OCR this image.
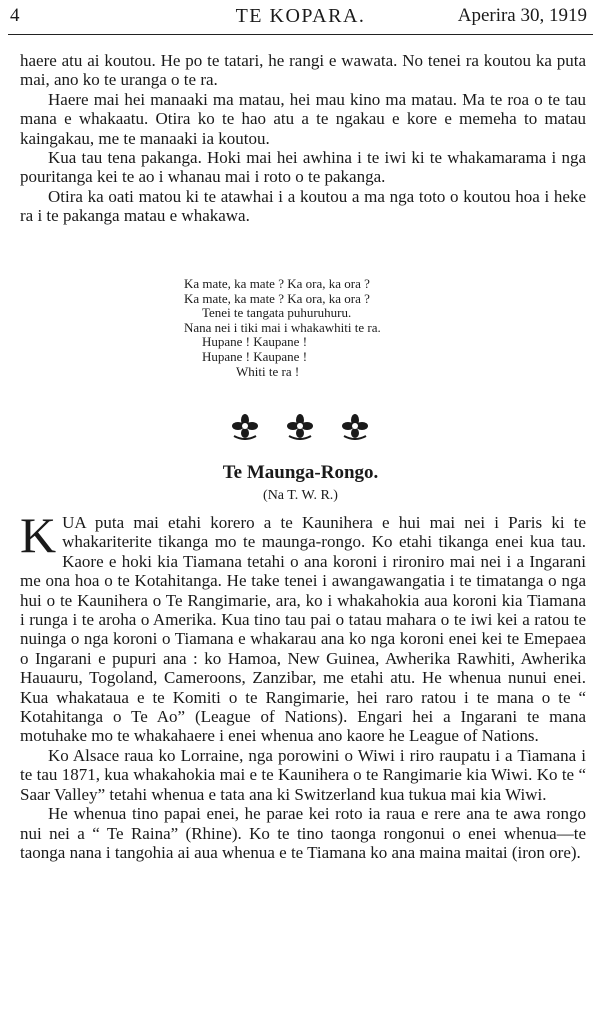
4	TE KOPARA.	Aperira 30, 1919

haere atu ai koutou. He po te tatari, he rangi e wawata. No tenei ra koutou ka puta mai, ano ko te uranga o te ra.

Haere mai hei manaaki ma matau, hei mau kino ma matau. Ma te roa o te tau mana e whakaatu. Otira ko te hao atu a te ngakau e kore e memeha to matau kaingakau, me te manaaki ia koutou.

Kua tau tena pakanga. Hoki mai hei awhina i te iwi ki te whakamarama i nga pouritanga kei te ao i whanau mai i roto o te pakanga.

Otira ka oati matou ki te atawhai i a koutou a ma nga toto o koutou hoa i heke ra i te pakanga matau e whakawa.

Ka mate, ka mate ? Ka ora, ka ora ?
Ka mate, ka mate ? Ka ora, ka ora ?
Tenei te tangata puhuruhuru.
Nana nei i tiki mai i whakawhiti te ra.
Hupane ! Kaupane !
Hupane ! Kaupane !
Whiti te ra !
Te Maunga-Rongo.
(Na T. W. R.)

KUA puta mai etahi korero a te Kaunihera e hui mai nei i Paris ki te whakariterite tikanga mo te maunga-rongo. Ko etahi tikanga enei kua tau. Kaore e hoki kia Tiamana tetahi o ana koroni i rironiro mai nei i a Ingarani me ona hoa o te Kotahitanga. He take tenei i awangawangatia i te timatanga o nga hui o te Kaunihera o Te Rangimarie, ara, ko i whakahokia aua koroni kia Tiamana i runga i te aroha o Amerika. Kua tino tau pai o tatau mahara o te iwi kei a ratou te nuinga o nga koroni o Tiamana e whakarau ana ko nga koroni enei kei te Emepaea o Ingarani e pupuri ana : ko Hamoa, New Guinea, Awherika Rawhiti, Awherika Hauauru, Togoland, Cameroons, Zanzibar, me etahi atu. He whenua nunui enei. Kua whakataua e te Komiti o te Rangimarie, hei raro ratou i te mana o te “ Kotahitanga o Te Ao” (League of Nations). Engari hei a Ingarani te mana motuhake mo te whakahaere i enei whenua ano kaore he League of Nations.

Ko Alsace raua ko Lorraine, nga porowini o Wiwi i riro raupatu i a Tiamana i te tau 1871, kua whakahokia mai e te Kaunihera o te Rangimarie kia Wiwi. Ko te “ Saar Valley” tetahi whenua e tata ana ki Switzerland kua tukua mai kia Wiwi.

He whenua tino papai enei, he parae kei roto ia raua e rere ana te awa rongo nui nei a “ Te Raina” (Rhine). Ko te tino taonga rongonui o enei whenua—te taonga nana i tangohia ai aua whenua e te Tiamana ko ana maina maitai (iron ore).
